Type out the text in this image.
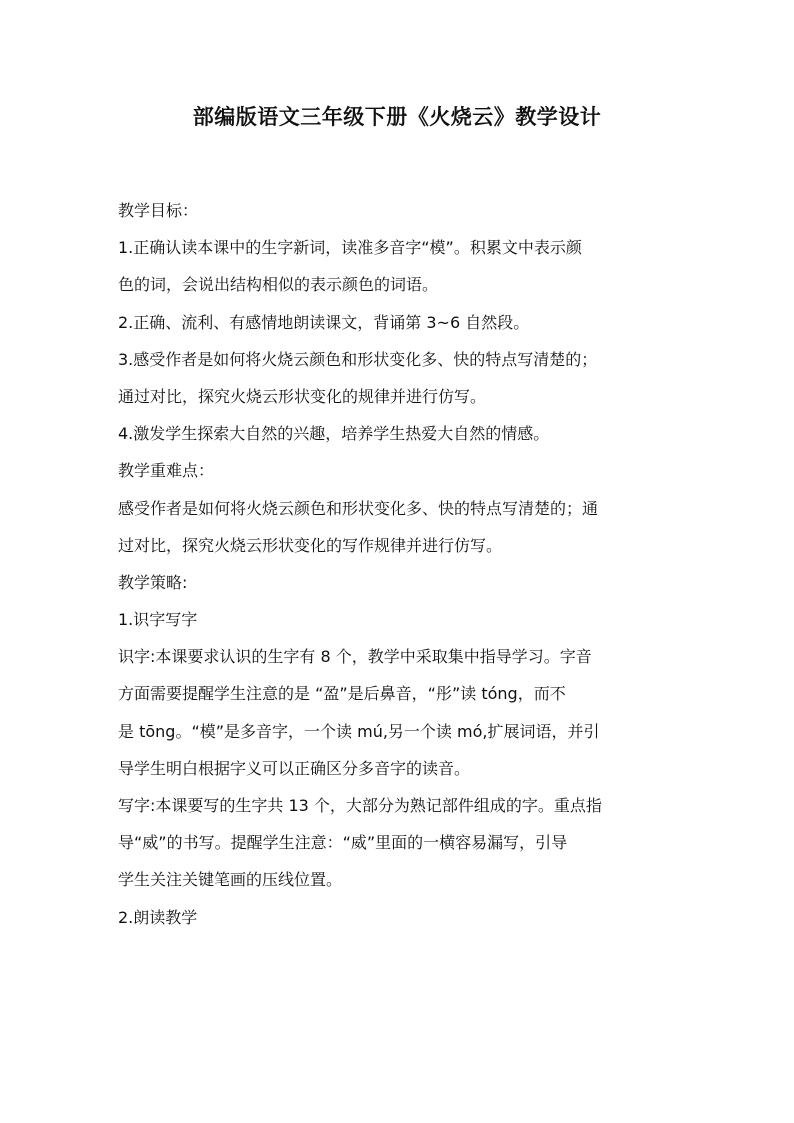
部编版语文三年级下册《火烧云》教学设计
教学目标：
1.正确认读本课中的生字新词，读准多音字“模”。积累文中表示颜
色的词，会说出结构相似的表示颜色的词语。
2.正确、流利、有感情地朗读课文，背诵第 3~6 自然段。
3.感受作者是如何将火烧云颜色和形状变化多、快的特点写清楚的；
通过对比，探究火烧云形状变化的规律并进行仿写。
4.激发学生探索大自然的兴趣，培养学生热爱大自然的情感。
教学重难点：
感受作者是如何将火烧云颜色和形状变化多、快的特点写清楚的；通
过对比，探究火烧云形状变化的写作规律并进行仿写。
教学策略:
1.识字写字
识字:本课要求认识的生字有 8 个，教学中采取集中指导学习。字音
方面需要提醒学生注意的是 “盈”是后鼻音，“彤”读 tóng，而不
是 tōng。“模”是多音字，一个读 mú,另一个读 mó,扩展词语，并引
导学生明白根据字义可以正确区分多音字的读音。
写字:本课要写的生字共 13 个，大部分为熟记部件组成的字。重点指
导“威”的书写。提醒学生注意：“威”里面的一横容易漏写，引导
学生关注关键笔画的压线位置。
2.朗读教学
